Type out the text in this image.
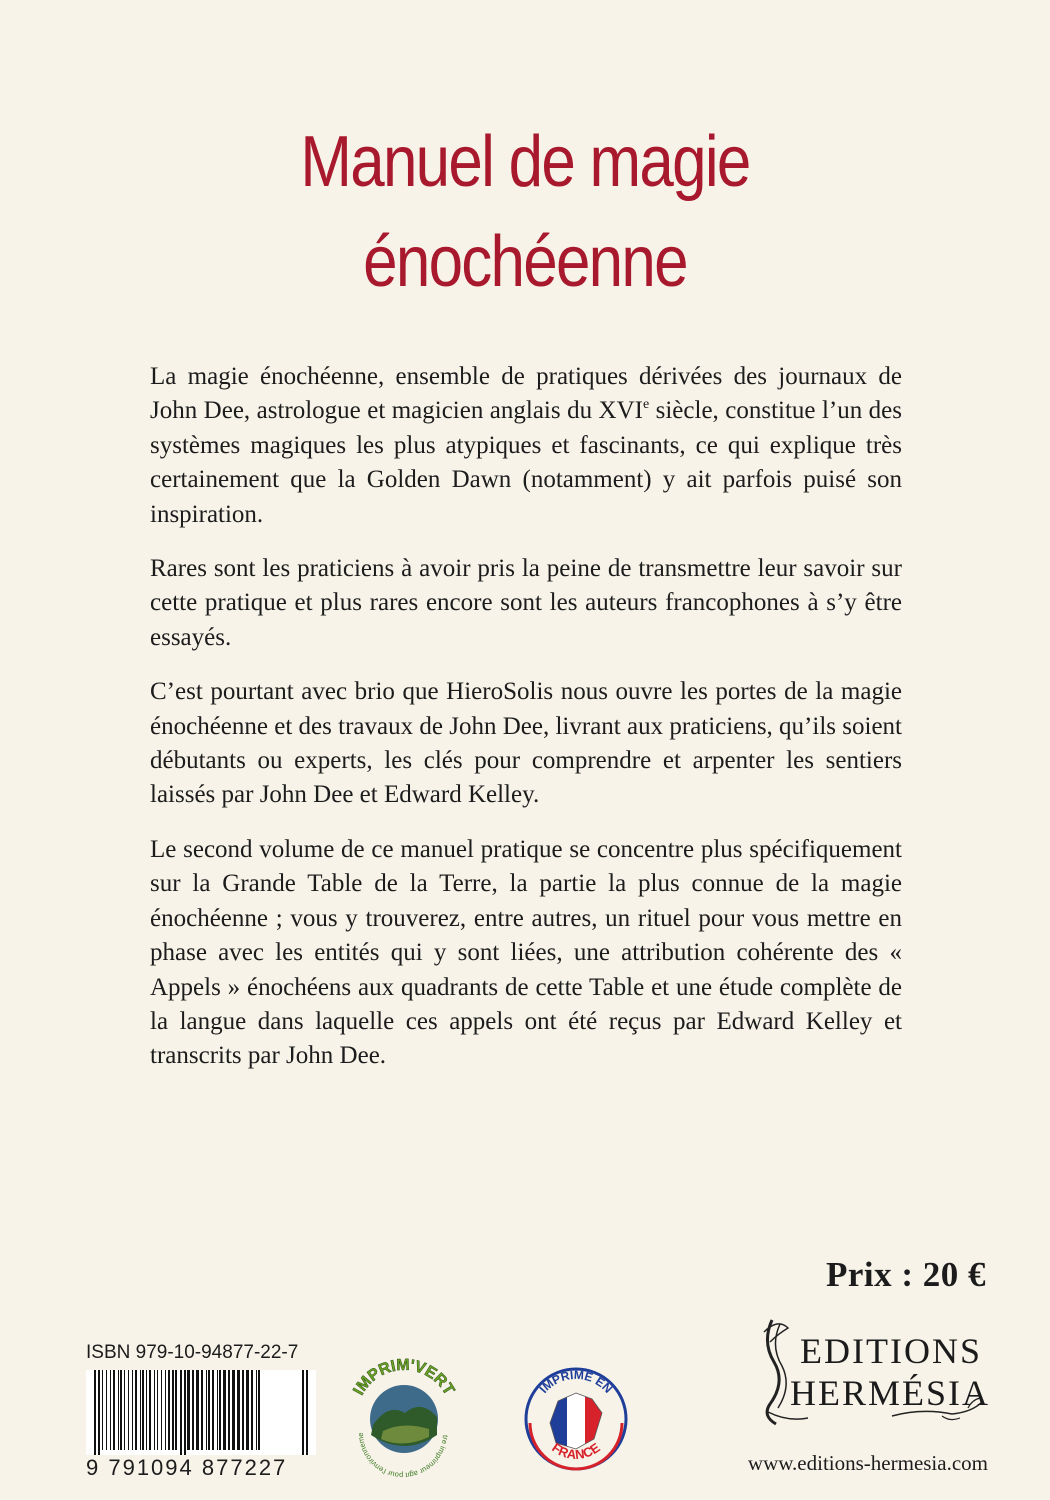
Manuel de magie
énochéenne

La magie énochéenne, ensemble de pratiques dérivées des journaux de John Dee, astrologue et magicien anglais du XVIe siècle, constitue l’un des systèmes magiques les plus atypiques et fascinants, ce qui explique très certainement que la Golden Dawn (notamment) y ait parfois puisé son inspiration.

Rares sont les praticiens à avoir pris la peine de transmettre leur savoir sur cette pratique et plus rares encore sont les auteurs francophones à s’y être essayés.

C’est pourtant avec brio que HieroSolis nous ouvre les portes de la magie énochéenne et des travaux de John Dee, livrant aux praticiens, qu’ils soient débutants ou experts, les clés pour comprendre et arpenter les sentiers laissés par John Dee et Edward Kelley.

Le second volume de ce manuel pratique se concentre plus spécifiquement sur la Grande Table de la Terre, la partie la plus connue de la magie énochéenne ; vous y trouverez, entre autres, un rituel pour vous mettre en phase avec les entités qui y sont liées, une attribution cohérente des « Appels » énochéens aux quadrants de cette Table et une étude complète de la langue dans laquelle ces appels ont été reçus par Edward Kelley et transcrits par John Dee.

Prix : 20 €
ISBN 979-10-94877-22-7
9 791094 877227
IMPRIM'VERT
tre imprimeur agit pour l'environneme
IMPRIMÉ EN
FRANCE
EDITIONS
HERMÉSIA
www.editions-hermesia.com
